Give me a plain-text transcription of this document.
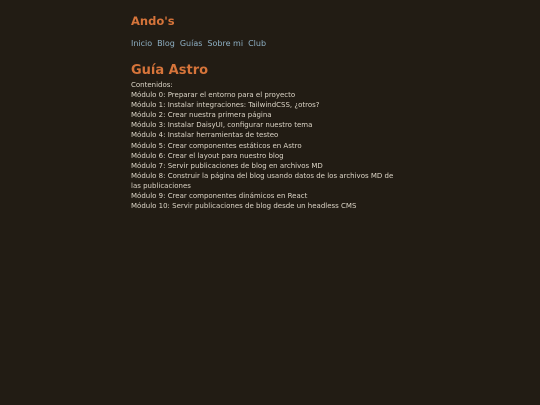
Ando's
Inicio Blog Guías Sobre mi Club
Guía Astro
Contenidos:
Módulo 0: Preparar el entorno para el proyecto
Módulo 1: Instalar integraciones: TailwindCSS, ¿otros?
Módulo 2: Crear nuestra primera página
Módulo 3: Instalar DaisyUI, configurar nuestro tema
Módulo 4: Instalar herramientas de testeo
Módulo 5: Crear componentes estáticos en Astro
Módulo 6: Crear el layout para nuestro blog
Módulo 7: Servir publicaciones de blog en archivos MD
Módulo 8: Construir la página del blog usando datos de los archivos MD de las publicaciones
Módulo 9: Crear componentes dinámicos en React
Módulo 10: Servir publicaciones de blog desde un headless CMS
